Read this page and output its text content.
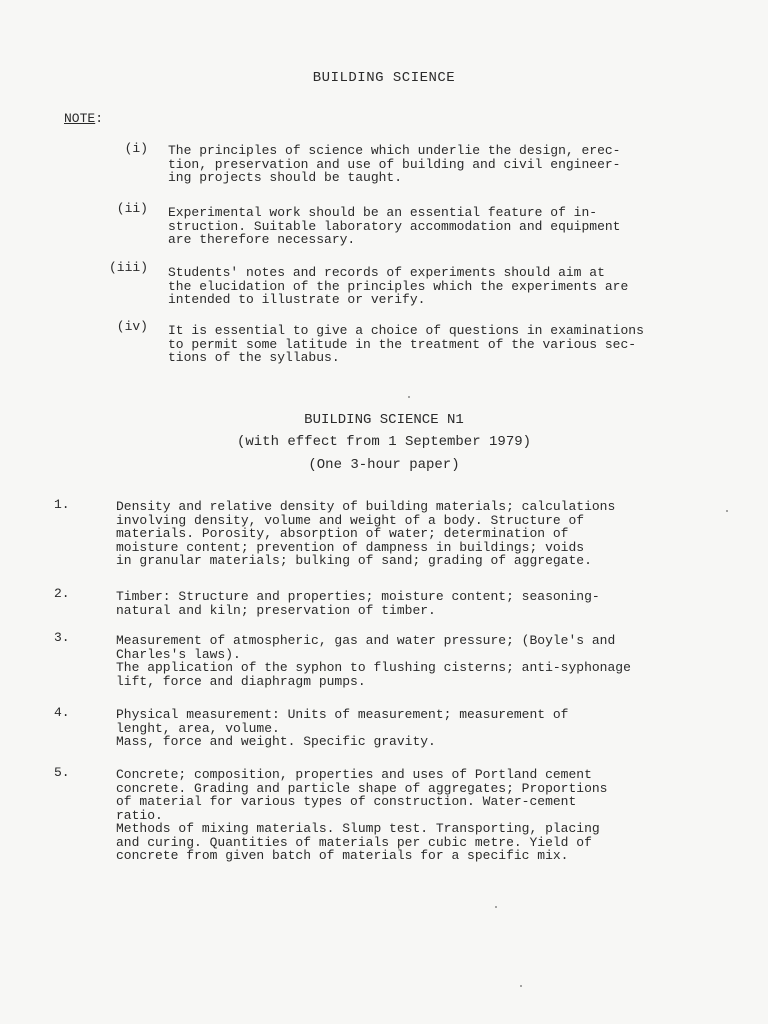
BUILDING SCIENCE
NOTE:
(i) The principles of science which underlie the design, erec-
tion, preservation and use of building and civil engineer-
ing projects should be taught.
(ii) Experimental work should be an essential feature of in-
struction. Suitable laboratory accommodation and equipment
are therefore necessary.
(iii) Students' notes and records of experiments should aim at
the elucidation of the principles which the experiments are
intended to illustrate or verify.
(iv) It is essential to give a choice of questions in examinations
to permit some latitude in the treatment of the various sec-
tions of the syllabus.
BUILDING SCIENCE N1
(with effect from 1 September 1979)
(One 3-hour paper)
1.	Density and relative density of building materials; calculations
involving density, volume and weight of a body. Structure of
materials. Porosity, absorption of water; determination of
moisture content; prevention of dampness in buildings; voids
in granular materials; bulking of sand; grading of aggregate.
2.	Timber: Structure and properties; moisture content; seasoning-
natural and kiln; preservation of timber.
3.	Measurement of atmospheric, gas and water pressure; (Boyle's and
Charles's laws).
The application of the syphon to flushing cisterns; anti-syphonage
lift, force and diaphragm pumps.
4.	Physical measurement: Units of measurement; measurement of
lenght, area, volume.
Mass, force and weight. Specific gravity.
5.	Concrete; composition, properties and uses of Portland cement
concrete. Grading and particle shape of aggregates; Proportions
of material for various types of construction. Water-cement
ratio.
Methods of mixing materials. Slump test. Transporting, placing
and curing. Quantities of materials per cubic metre. Yield of
concrete from given batch of materials for a specific mix.
